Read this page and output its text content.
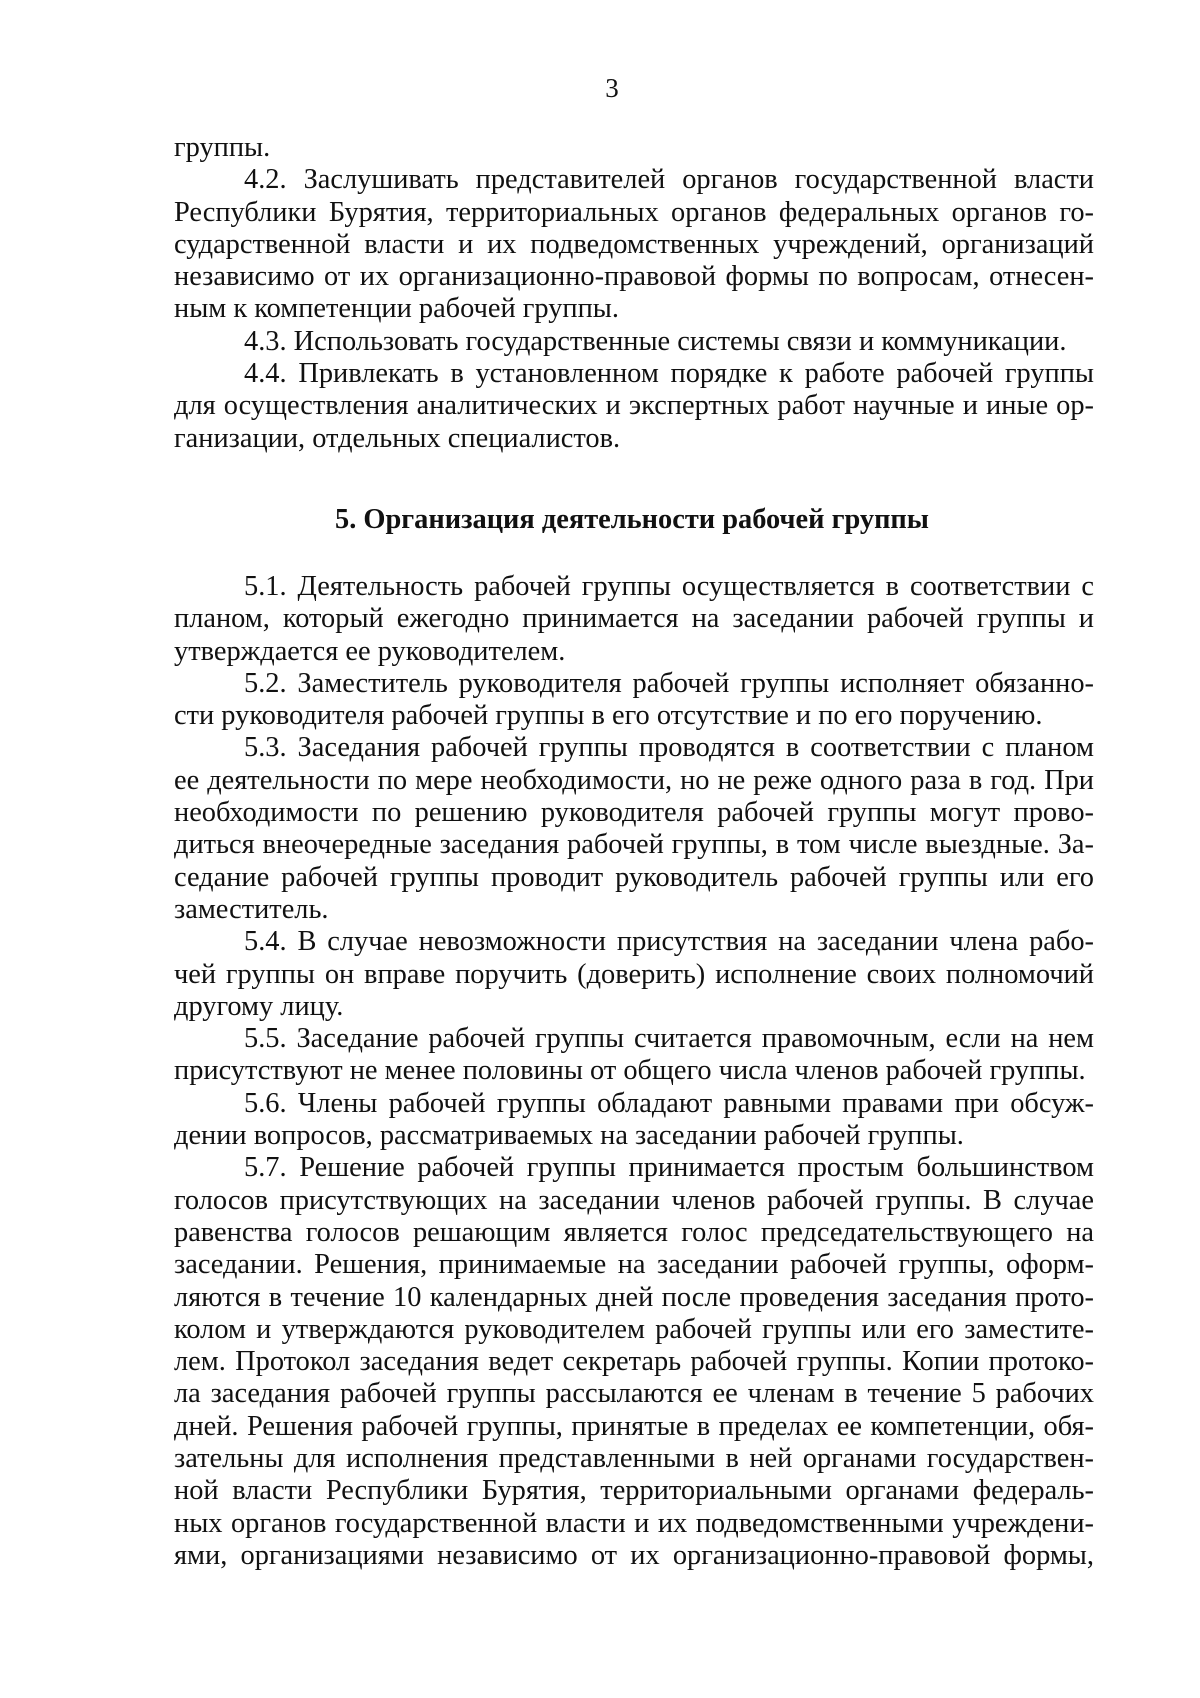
3
группы.
4.2. Заслушивать представителей органов государственной власти
Республики Бурятия, территориальных органов федеральных органов го-
сударственной власти и их подведомственных учреждений, организаций
независимо от их организационно-правовой формы по вопросам, отнесен-
ным к компетенции рабочей группы.
4.3. Использовать государственные системы связи и коммуникации.
4.4. Привлекать в установленном порядке к работе рабочей группы
для осуществления аналитических и экспертных работ научные и иные ор-
ганизации, отдельных специалистов.
5. Организация деятельности рабочей группы
5.1. Деятельность рабочей группы осуществляется в соответствии с
планом, который ежегодно принимается на заседании рабочей группы и
утверждается ее руководителем.
5.2. Заместитель руководителя рабочей группы исполняет обязанно-
сти руководителя рабочей группы в его отсутствие и по его поручению.
5.3. Заседания рабочей группы проводятся в соответствии с планом
ее деятельности по мере необходимости, но не реже одного раза в год. При
необходимости по решению руководителя рабочей группы могут прово-
диться внеочередные заседания рабочей группы, в том числе выездные. За-
седание рабочей группы проводит руководитель рабочей группы или его
заместитель.
5.4. В случае невозможности присутствия на заседании члена рабо-
чей группы он вправе поручить (доверить) исполнение своих полномочий
другому лицу.
5.5. Заседание рабочей группы считается правомочным, если на нем
присутствуют не менее половины от общего числа членов рабочей группы.
5.6. Члены рабочей группы обладают равными правами при обсуж-
дении вопросов, рассматриваемых на заседании рабочей группы.
5.7. Решение рабочей группы принимается простым большинством
голосов присутствующих на заседании членов рабочей группы. В случае
равенства голосов решающим является голос председательствующего на
заседании. Решения, принимаемые на заседании рабочей группы, оформ-
ляются в течение 10 календарных дней после проведения заседания прото-
колом и утверждаются руководителем рабочей группы или его заместите-
лем. Протокол заседания ведет секретарь рабочей группы. Копии протоко-
ла заседания рабочей группы рассылаются ее членам в течение 5 рабочих
дней. Решения рабочей группы, принятые в пределах ее компетенции, обя-
зательны для исполнения представленными в ней органами государствен-
ной власти Республики Бурятия, территориальными органами федераль-
ных органов государственной власти и их подведомственными учреждени-
ями, организациями независимо от их организационно-правовой формы,
